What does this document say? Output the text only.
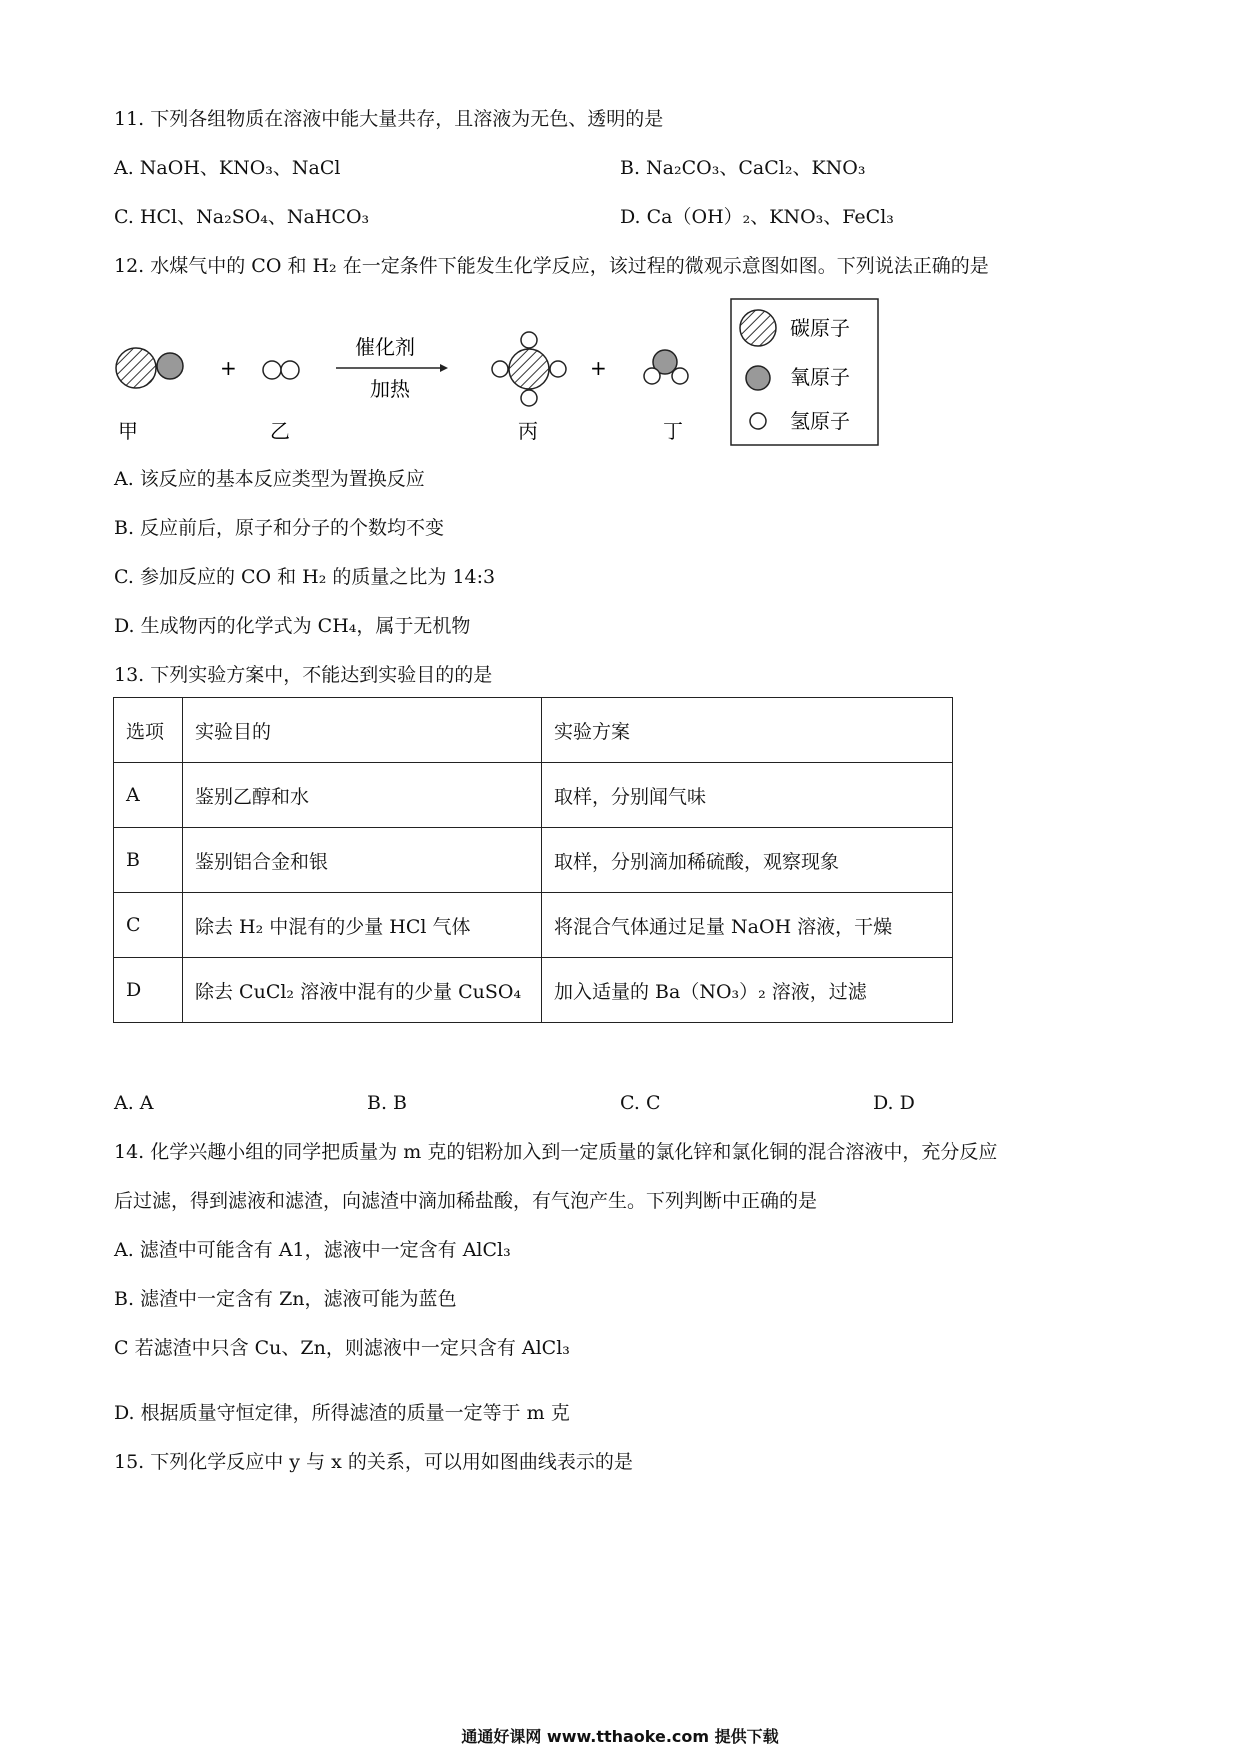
11. 下列各组物质在溶液中能大量共存，且溶液为无色、透明的是
A. NaOH、KNO₃、NaCl	B. Na₂CO₃、CaCl₂、KNO₃
C. HCl、Na₂SO₄、NaHCO₃	D. Ca（OH）₂、KNO₃、FeCl₃
12. 水煤气中的 CO 和 H₂ 在一定条件下能发生化学反应，该过程的微观示意图如图。下列说法正确的是
+
催化剂
加热
+
甲	乙	丙	丁
碳原子
氧原子
氢原子
A. 该反应的基本反应类型为置换反应
B. 反应前后，原子和分子的个数均不变
C. 参加反应的 CO 和 H₂ 的质量之比为 14:3
D. 生成物丙的化学式为 CH₄，属于无机物
13. 下列实验方案中，不能达到实验目的的是
选项	实验目的	实验方案
A	鉴别乙醇和水	取样，分别闻气味
B	鉴别铝合金和银	取样，分别滴加稀硫酸，观察现象
C	除去 H₂ 中混有的少量 HCl 气体	将混合气体通过足量 NaOH 溶液，干燥
D	除去 CuCl₂ 溶液中混有的少量 CuSO₄	加入适量的 Ba（NO₃）₂ 溶液，过滤
A. A	B. B	C. C	D. D
14. 化学兴趣小组的同学把质量为 m 克的铝粉加入到一定质量的氯化锌和氯化铜的混合溶液中，充分反应
后过滤，得到滤液和滤渣，向滤渣中滴加稀盐酸，有气泡产生。下列判断中正确的是
A. 滤渣中可能含有 A1，滤液中一定含有 AlCl₃
B. 滤渣中一定含有 Zn，滤液可能为蓝色
C 若滤渣中只含 Cu、Zn，则滤液中一定只含有 AlCl₃
D. 根据质量守恒定律，所得滤渣的质量一定等于 m 克
15. 下列化学反应中 y 与 x 的关系，可以用如图曲线表示的是
通通好课网 www.tthaoke.com 提供下载
